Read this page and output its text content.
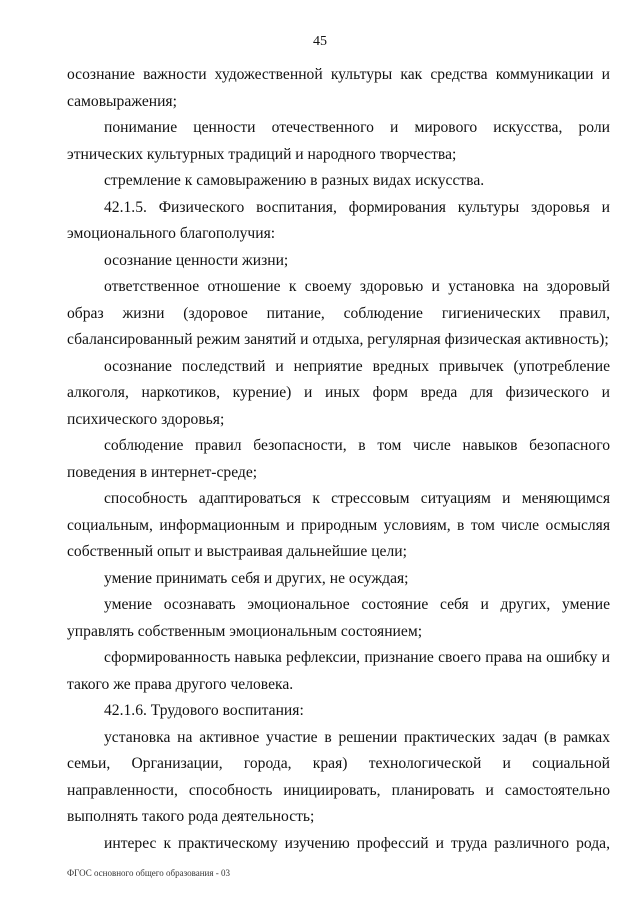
45

осознание важности художественной культуры как средства коммуникации и самовыражения;

понимание ценности отечественного и мирового искусства, роли этнических культурных традиций и народного творчества;

стремление к самовыражению в разных видах искусства.

42.1.5. Физического воспитания, формирования культуры здоровья и эмоционального благополучия:

осознание ценности жизни;

ответственное отношение к своему здоровью и установка на здоровый образ жизни (здоровое питание, соблюдение гигиенических правил, сбалансированный режим занятий и отдыха, регулярная физическая активность);

осознание последствий и неприятие вредных привычек (употребление алкоголя, наркотиков, курение) и иных форм вреда для физического и психического здоровья;

соблюдение правил безопасности, в том числе навыков безопасного поведения в интернет-среде;

способность адаптироваться к стрессовым ситуациям и меняющимся социальным, информационным и природным условиям, в том числе осмысляя собственный опыт и выстраивая дальнейшие цели;

умение принимать себя и других, не осуждая;

умение осознавать эмоциональное состояние себя и других, умение управлять собственным эмоциональным состоянием;

сформированность навыка рефлексии, признание своего права на ошибку и такого же права другого человека.

42.1.6. Трудового воспитания:

установка на активное участие в решении практических задач (в рамках семьи, Организации, города, края) технологической и социальной направленности, способность инициировать, планировать и самостоятельно выполнять такого рода деятельность;

интерес к практическому изучению профессий и труда различного рода,

ФГОС основного общего образования - 03
